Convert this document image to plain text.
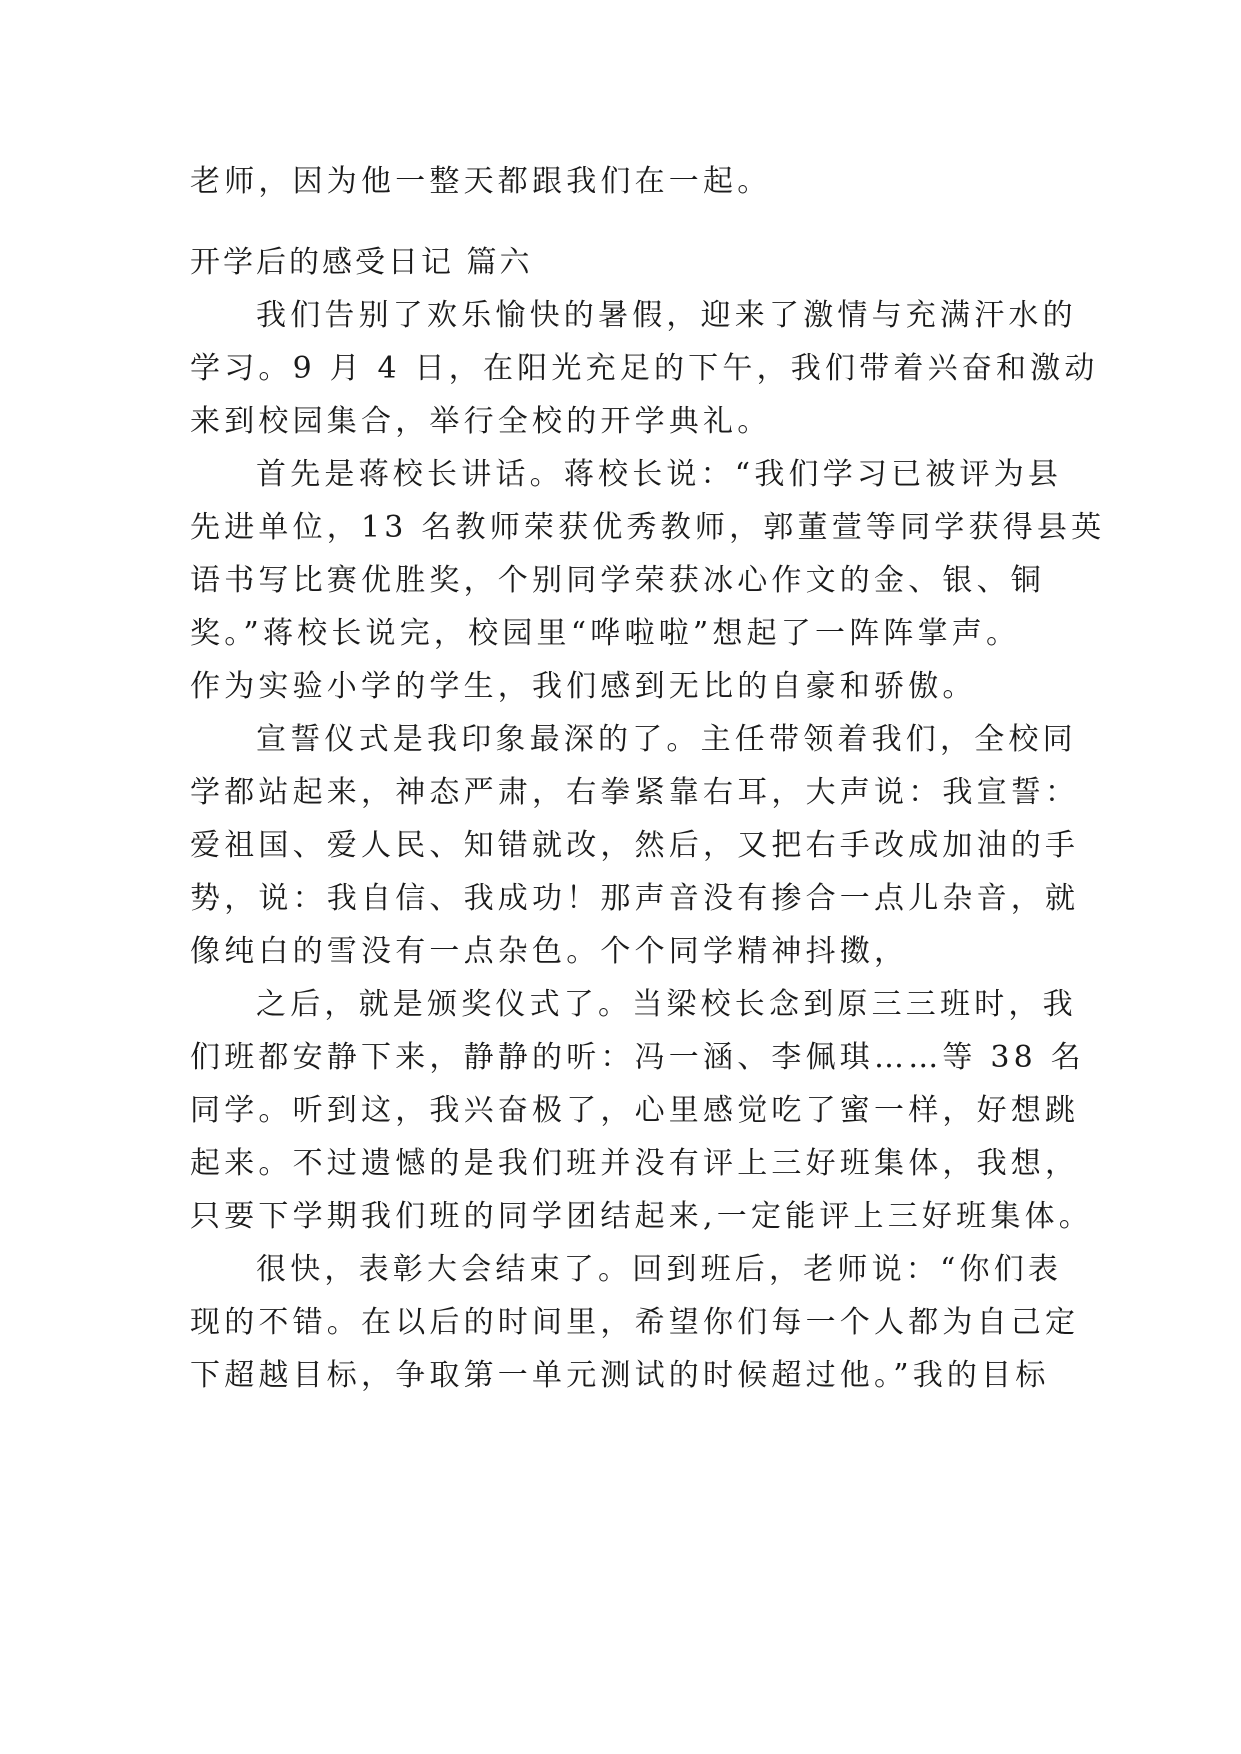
老师，因为他一整天都跟我们在一起。
开学后的感受日记 篇六
我们告别了欢乐愉快的暑假，迎来了激情与充满汗水的
学习。9 月 4 日，在阳光充足的下午，我们带着兴奋和激动
来到校园集合，举行全校的开学典礼。
首先是蒋校长讲话。蒋校长说：“我们学习已被评为县
先进单位，13 名教师荣获优秀教师，郭董萱等同学获得县英
语书写比赛优胜奖，个别同学荣获冰心作文的金、银、铜
奖。”蒋校长说完，校园里“哗啦啦”想起了一阵阵掌声。
作为实验小学的学生，我们感到无比的自豪和骄傲。
宣誓仪式是我印象最深的了。主任带领着我们，全校同
学都站起来，神态严肃，右拳紧靠右耳，大声说：我宣誓：
爱祖国、爱人民、知错就改，然后，又把右手改成加油的手
势，说：我自信、我成功！那声音没有掺合一点儿杂音，就
像纯白的雪没有一点杂色。个个同学精神抖擞，
之后，就是颁奖仪式了。当梁校长念到原三三班时，我
们班都安静下来，静静的听：冯一涵、李佩琪……等 38 名
同学。听到这，我兴奋极了，心里感觉吃了蜜一样，好想跳
起来。不过遗憾的是我们班并没有评上三好班集体，我想，
只要下学期我们班的同学团结起来,一定能评上三好班集体。
很快，表彰大会结束了。回到班后，老师说：“你们表
现的不错。在以后的时间里，希望你们每一个人都为自己定
下超越目标，争取第一单元测试的时候超过他。”我的目标
